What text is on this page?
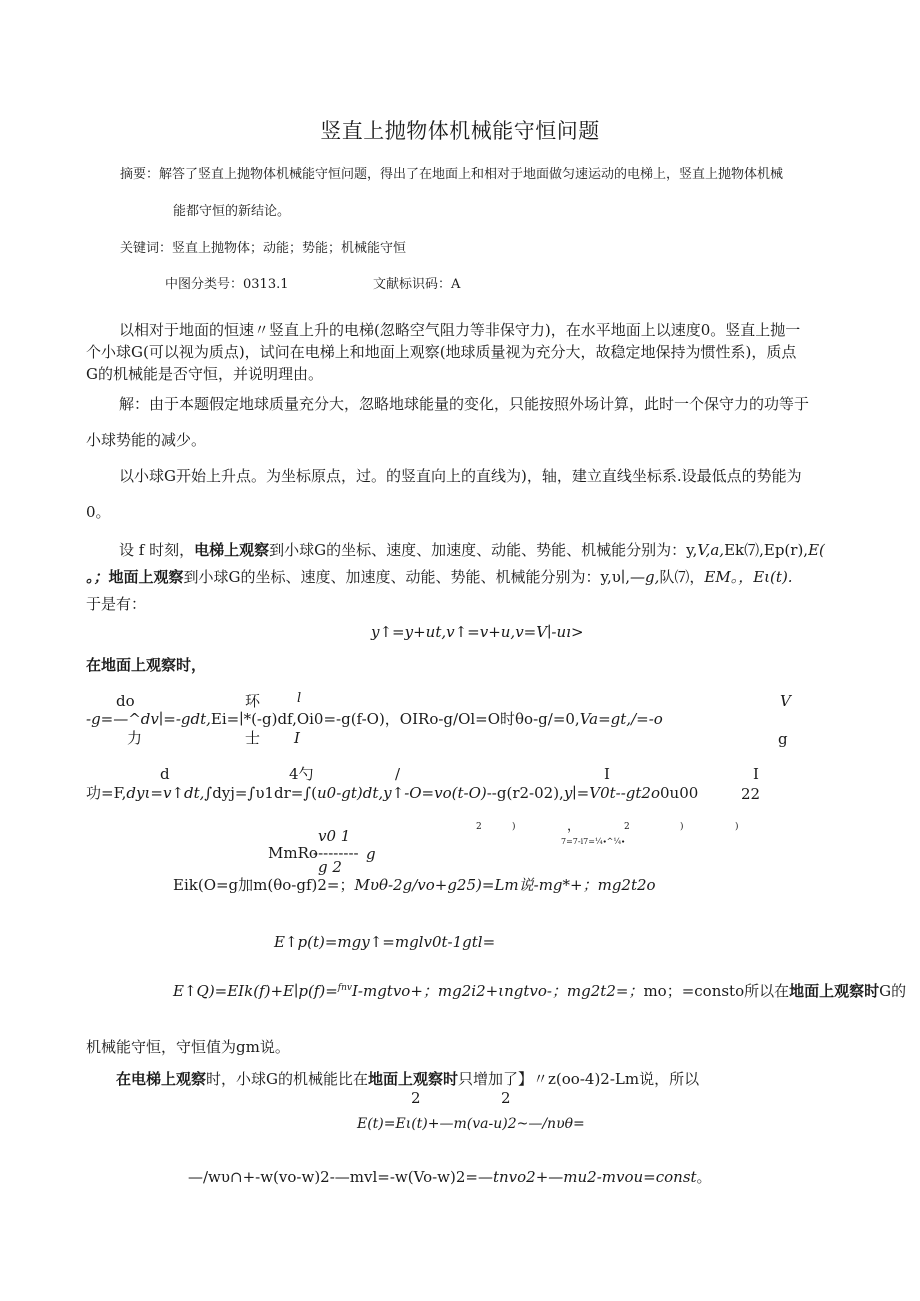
竖直上抛物体机械能守恒问题
摘要：解答了竖直上抛物体机械能守恒问题，得出了在地面上和相对于地面做匀速运动的电梯上，竖直上抛物体机械
能都守恒的新结论。
关键词：竖直上抛物体；动能；势能；机械能守恒
中图分类号：0313.1	文献标识码：A
以相对于地面的恒速〃竖直上升的电梯(忽略空气阻力等非保守力)，在水平地面上以速度0。竖直上抛一
个小球G(可以视为质点)，试问在电梯上和地面上观察(地球质量视为充分大，故稳定地保持为惯性系)，质点
G的机械能是否守恒，并说明理由。
解：由于本题假定地球质量充分大，忽略地球能量的变化，只能按照外场计算，此时一个保守力的功等于
小球势能的减少。
以小球G开始上升点。为坐标原点，过。的竖直向上的直线为)，轴，建立直线坐标系.设最低点的势能为
0。
设 f 时刻，电梯上观察到小球G的坐标、速度、加速度、动能、势能、机械能分别为：y,V,a,Ek⑺,Ep(r),E(
。；地面上观察到小球G的坐标、速度、加速度、动能、势能、机械能分别为：y,υ∣,—g,队⑺，EM。，Eι(t).
于是有：
y↑=y+ut,v↑=v+u,v=V∣-uı>
在地面上观察时，
do	环	l	V
-g=—^dv∣=-gdt,Ei=∣*(-g)df,Oi0=-g(f-O)，OIRo-g∕Ol=O时θo-g∕=0,Va=gt,/=-o
力	士 I	g
d	4勺	/	I	I
功=F,dyι=v↑dt,∫dyj=∫υ1dr=∫(u0-gt)dt,y↑-O=vo(t-O)--g(r2-02),y∣=V0t--gt2o0u00	22
v0 1	2	)	，	2	)	)
7=7-i7=¼∙^¼∙
MmRo
--------- g
g 2
Eik(O=g加m(θo-gf)2=；Mυθ-2g∕vo+g25)=Lm说-mg*+；mg2t2o
E↑p(t)=mgy↑=mglv0t-1gtl=
E↑Q)=EIk(f)+E∣p(f)=$^{fnv}$I-mgtvo+；mg2i2+ιngtvo-；mg2t2=；mo；=consto所以在地面上观察时G的
机械能守恒，守恒值为gm说。
在电梯上观察时，小球G的机械能比在地面上观察时只增加了】〃z(oo-4)2-Lm说，所以
2	2
E(t)=Eι(t)+—m(va-u)2~—/nυθ=
—∕wυ∩+-w(vo-w)2-—mvl=-w(Vo-w)2=—tnvo2+—mu2-mvou=const。
